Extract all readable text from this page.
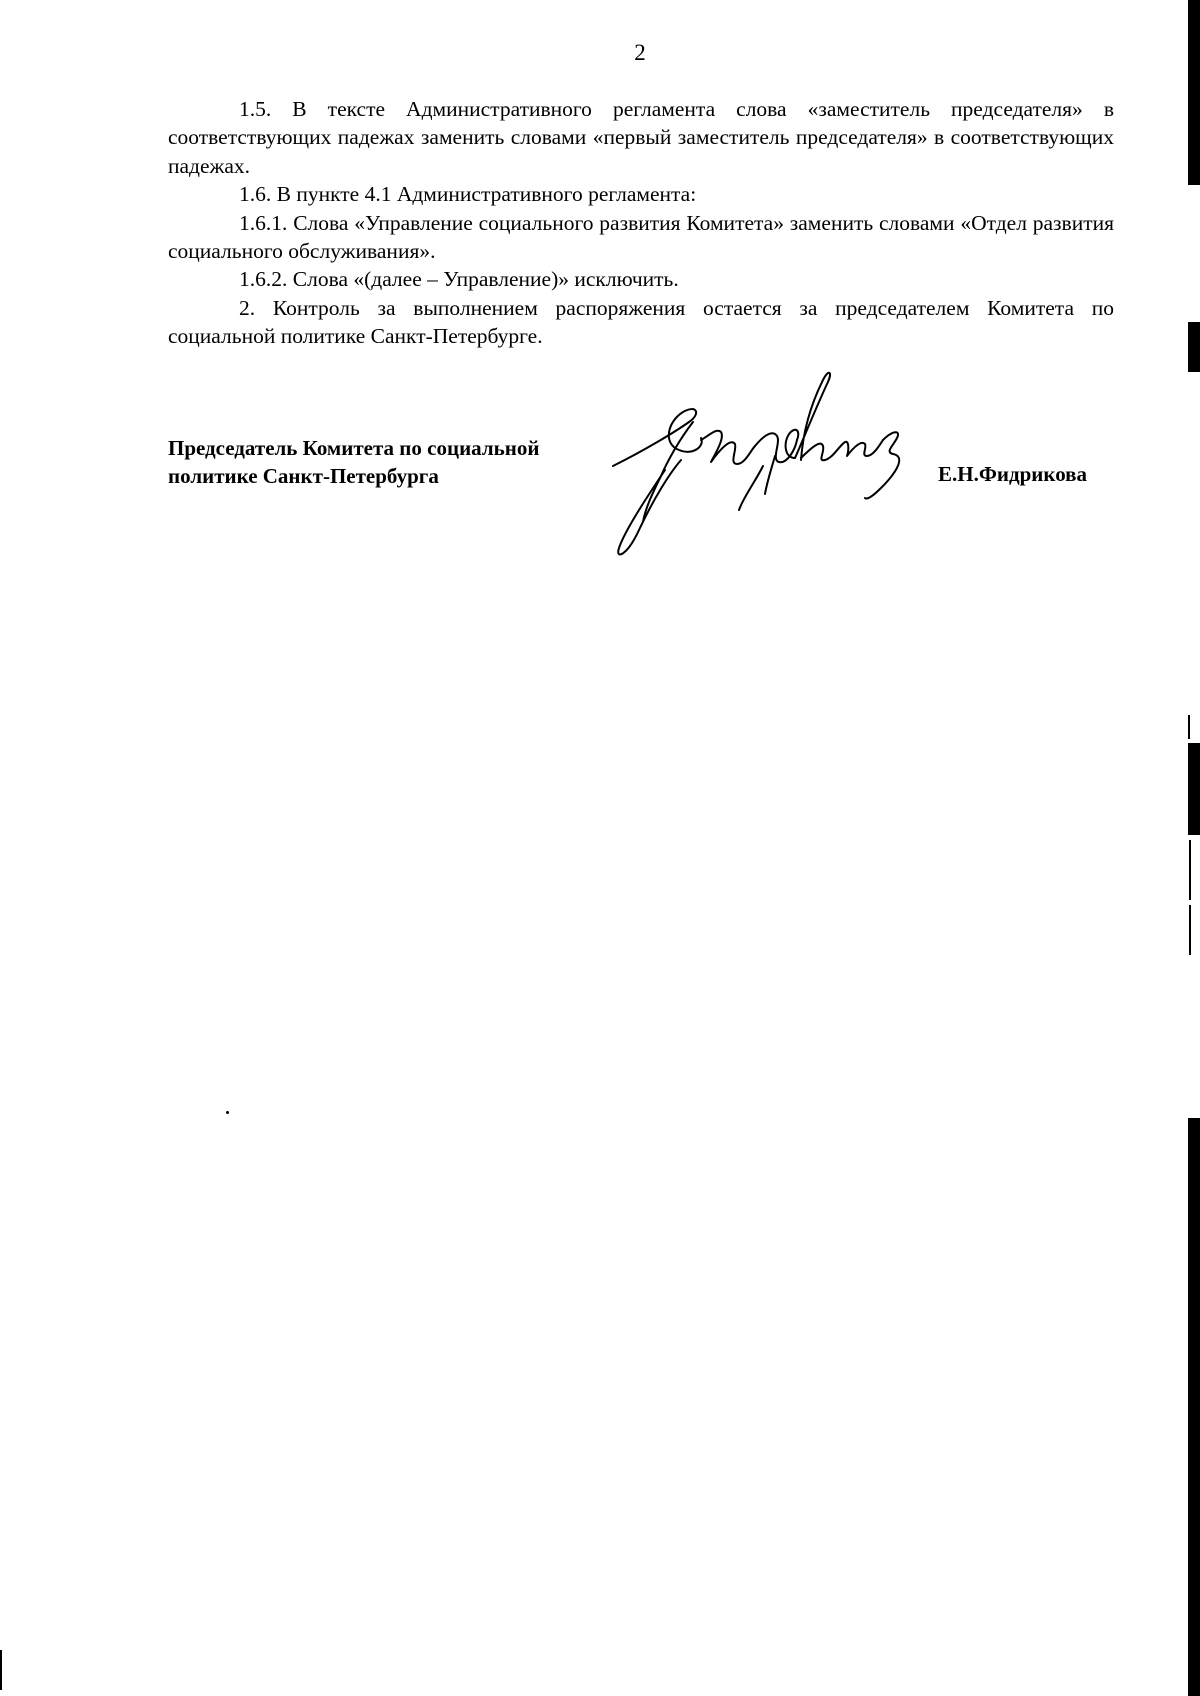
2

1.5. В тексте Административного регламента слова «заместитель председателя» в соответствующих падежах заменить словами «первый заместитель председателя» в соответствующих падежах.

1.6. В пункте 4.1 Административного регламента:

1.6.1. Слова «Управление социального развития Комитета» заменить словами «Отдел развития социального обслуживания».

1.6.2. Слова «(далее – Управление)» исключить.

2. Контроль за выполнением распоряжения остается за председателем Комитета по социальной политике Санкт-Петербурге.

Председатель Комитета по социальной
политике Санкт-Петербурга	Е.Н.Фидрикова
